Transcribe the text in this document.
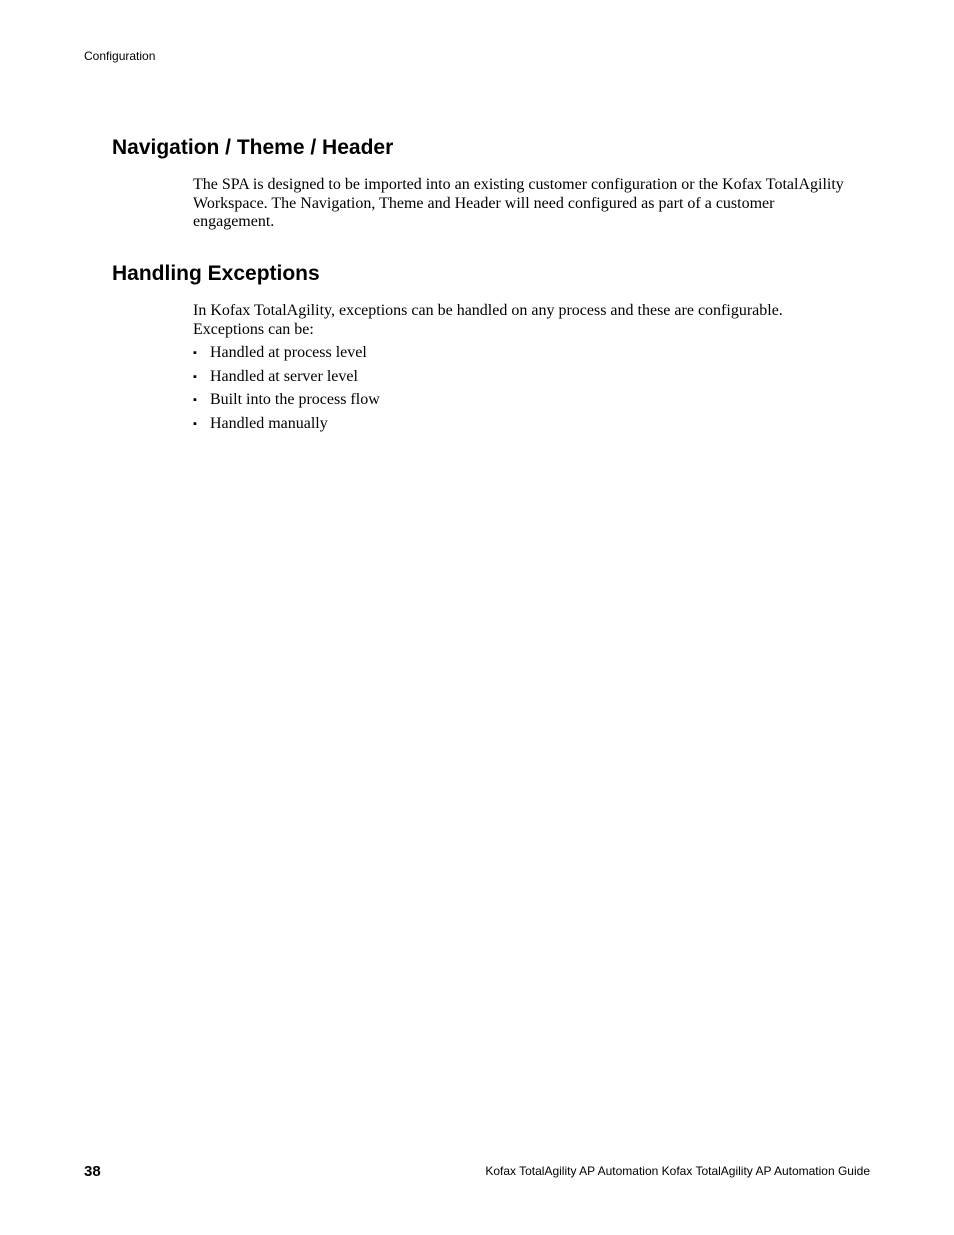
Configuration
Navigation / Theme / Header

The SPA is designed to be imported into an existing customer configuration or the Kofax TotalAgility Workspace. The Navigation, Theme and Header will need configured as part of a customer engagement.

Handling Exceptions

In Kofax TotalAgility, exceptions can be handled on any process and these are configurable. Exceptions can be:

▪ Handled at process level
▪ Handled at server level
▪ Built into the process flow
▪ Handled manually
38	Kofax TotalAgility AP Automation Kofax TotalAgility AP Automation Guide
